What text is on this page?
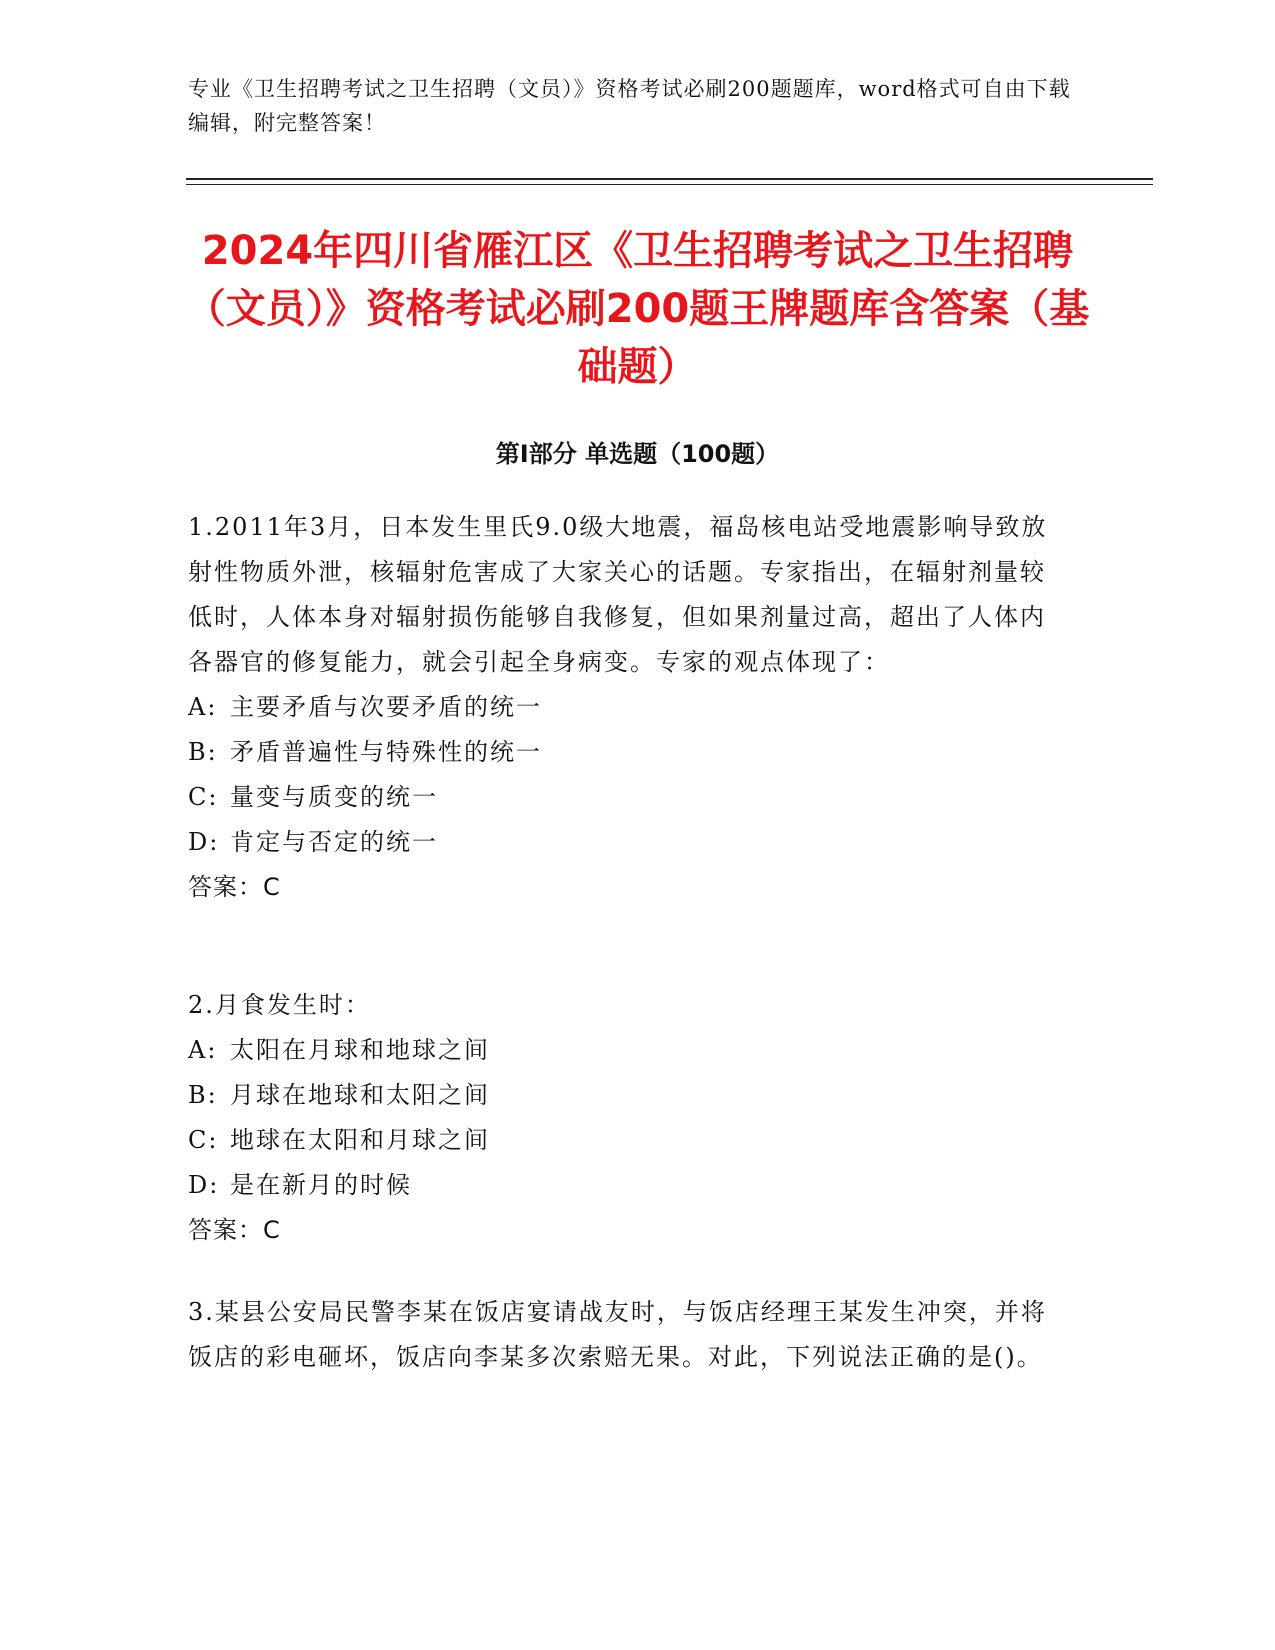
专业《卫生招聘考试之卫生招聘（文员）》资格考试必刷200题题库，word格式可自由下载编辑，附完整答案！
2024年四川省雁江区《卫生招聘考试之卫生招聘（文员）》资格考试必刷200题王牌题库含答案（基础题）
第Ⅰ部分 单选题（100题）
1.2011年3月，日本发生里氏9.0级大地震，福岛核电站受地震影响导致放射性物质外泄，核辐射危害成了大家关心的话题。专家指出，在辐射剂量较低时，人体本身对辐射损伤能够自我修复，但如果剂量过高，超出了人体内各器官的修复能力，就会引起全身病变。专家的观点体现了：
A: 主要矛盾与次要矛盾的统一
B: 矛盾普遍性与特殊性的统一
C: 量变与质变的统一
D: 肯定与否定的统一
答案：C
2.月食发生时：
A: 太阳在月球和地球之间
B: 月球在地球和太阳之间
C: 地球在太阳和月球之间
D: 是在新月的时候
答案：C
3.某县公安局民警李某在饭店宴请战友时，与饭店经理王某发生冲突，并将饭店的彩电砸坏，饭店向李某多次索赔无果。对此，下列说法正确的是()。
